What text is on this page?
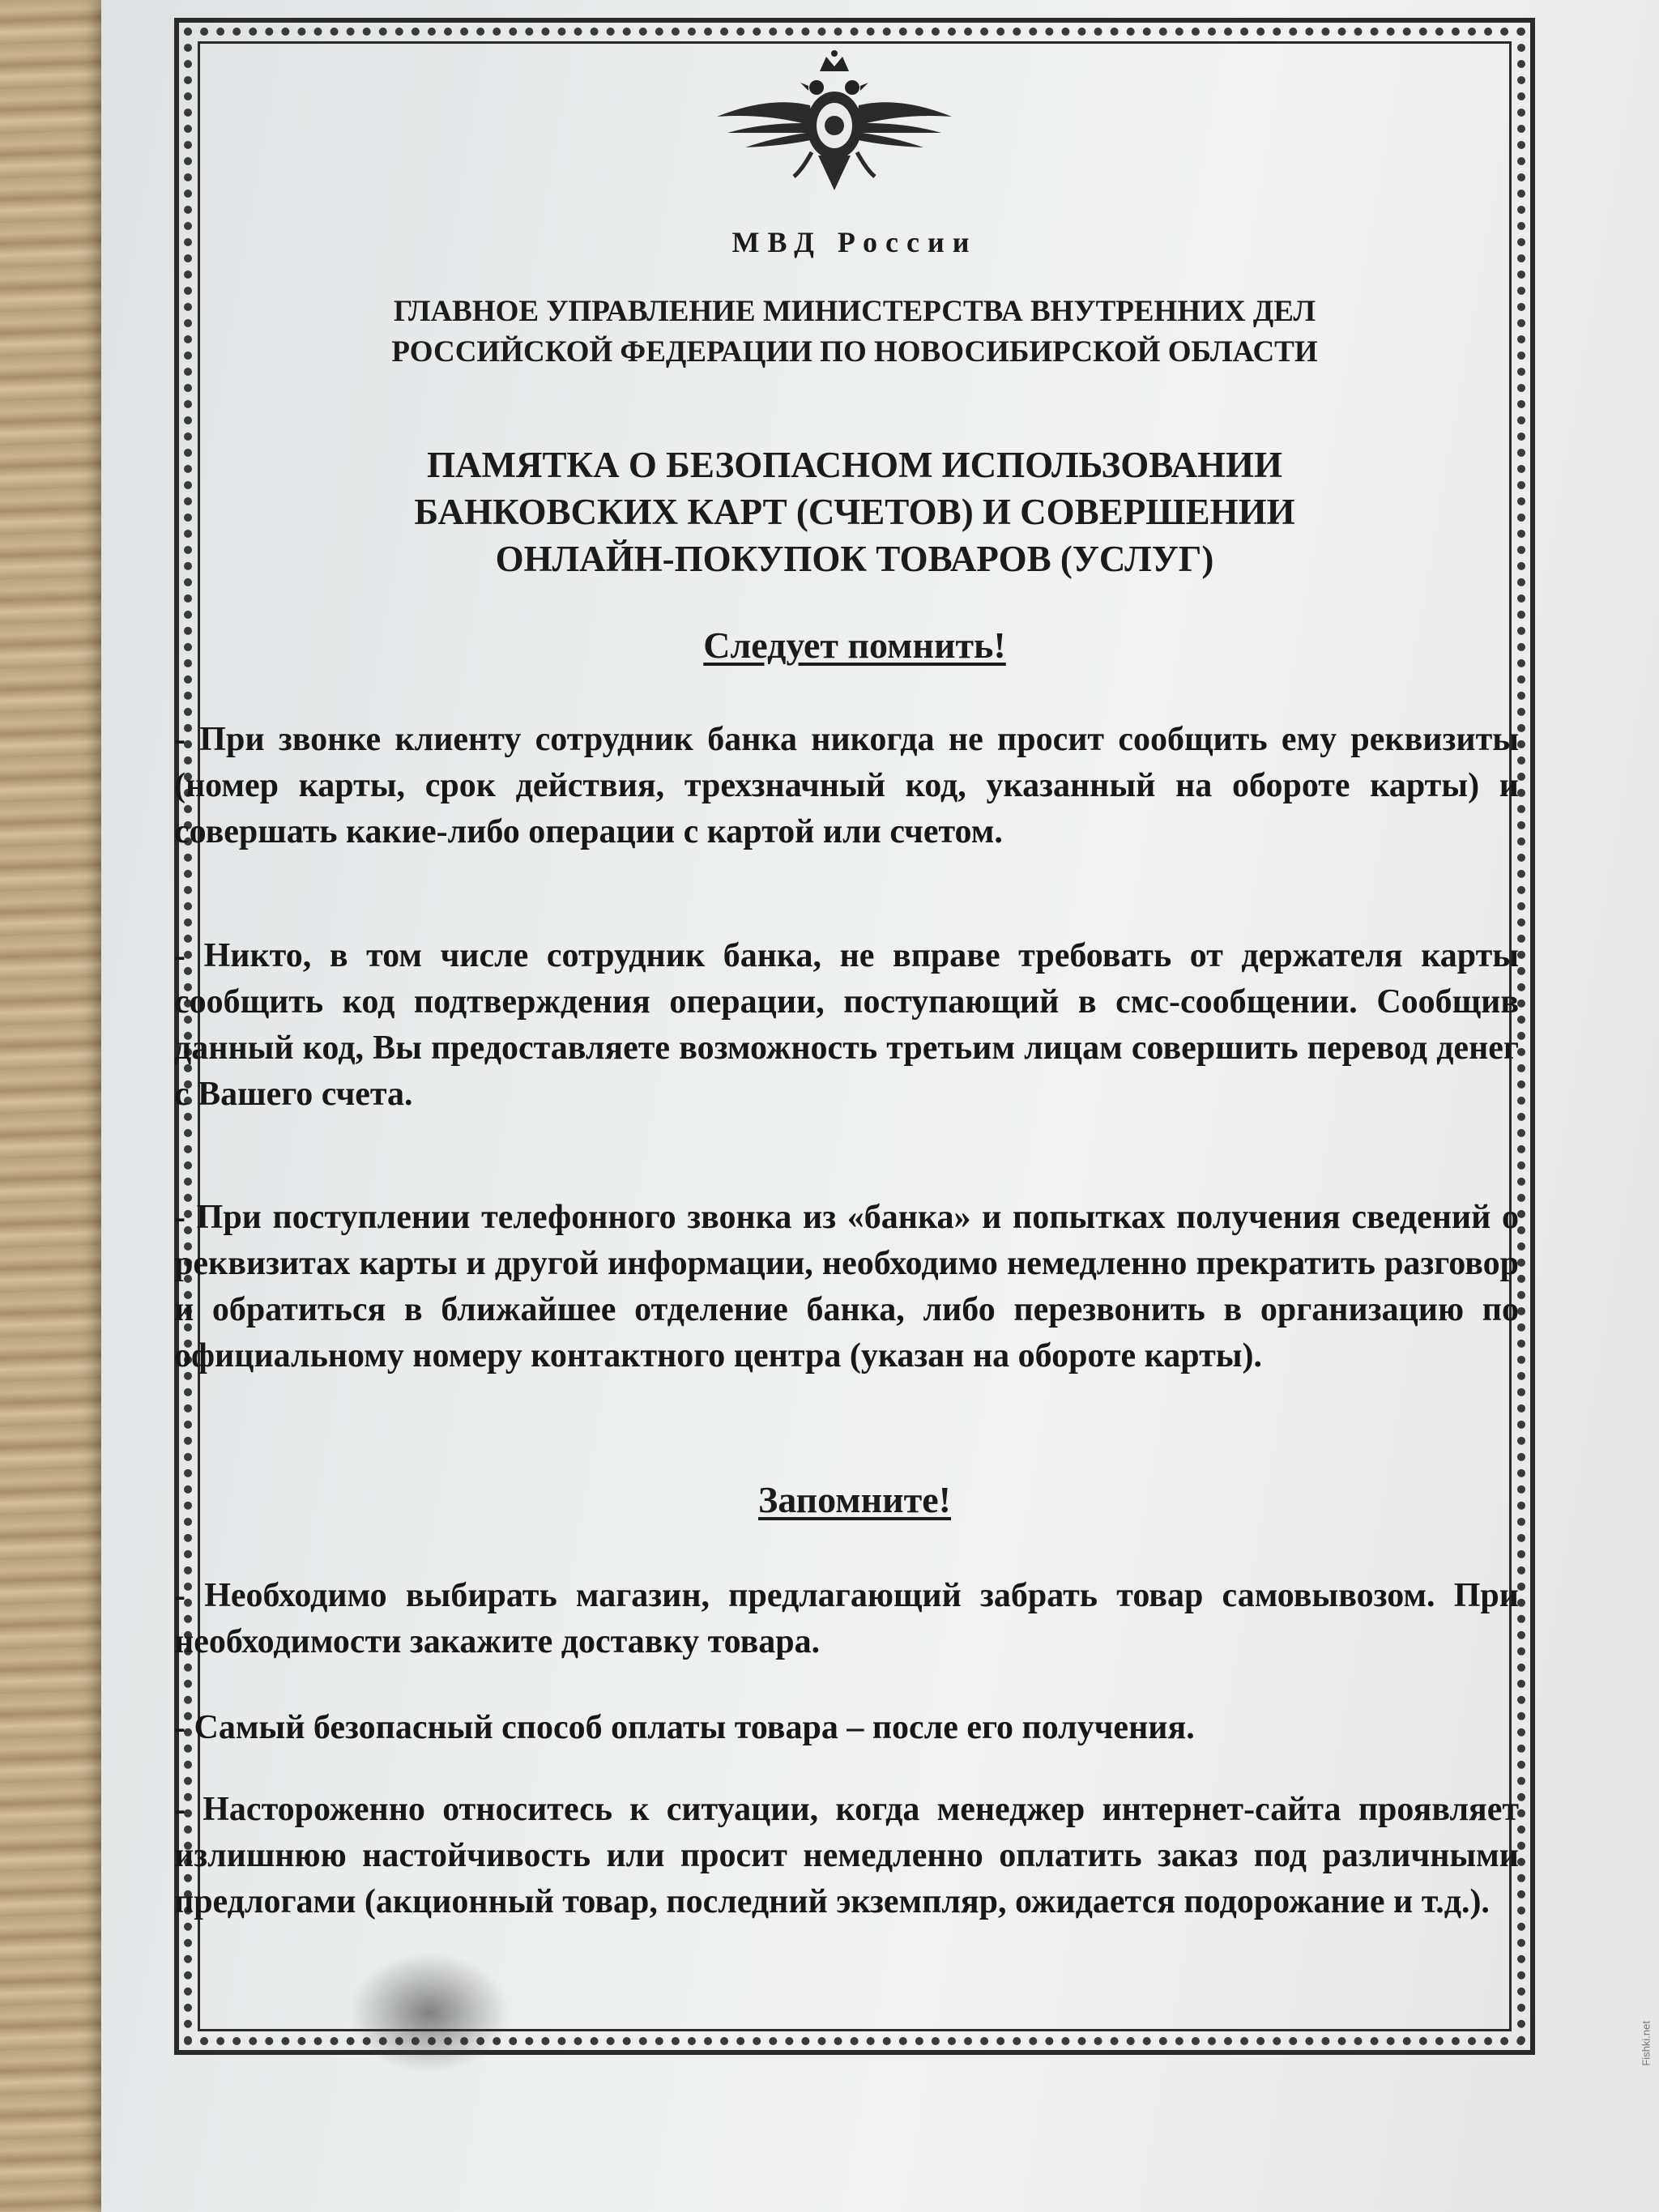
МВД России
ГЛАВНОЕ УПРАВЛЕНИЕ МИНИСТЕРСТВА ВНУТРЕННИХ ДЕЛ
РОССИЙСКОЙ ФЕДЕРАЦИИ ПО НОВОСИБИРСКОЙ ОБЛАСТИ
ПАМЯТКА О БЕЗОПАСНОМ ИСПОЛЬЗОВАНИИ
БАНКОВСКИХ КАРТ (СЧЕТОВ) И СОВЕРШЕНИИ
ОНЛАЙН-ПОКУПОК ТОВАРОВ (УСЛУГ)
Следует помнить!
- При звонке клиенту сотрудник банка никогда не просит сообщить ему реквизиты (номер карты, срок действия, трехзначный код, указанный на обороте карты) и совершать какие-либо операции с картой или счетом.
- Никто, в том числе сотрудник банка, не вправе требовать от держателя карты сообщить код подтверждения операции, поступающий в смс-сообщении. Сообщив данный код, Вы предоставляете возможность третьим лицам совершить перевод денег с Вашего счета.
- При поступлении телефонного звонка из «банка» и попытках получения сведений о реквизитах карты и другой информации, необходимо немедленно прекратить разговор и обратиться в ближайшее отделение банка, либо перезвонить в организацию по официальному номеру контактного центра (указан на обороте карты).
Запомните!
- Необходимо выбирать магазин, предлагающий забрать товар самовывозом. При необходимости закажите доставку товара.
- Самый безопасный способ оплаты товара – после его получения.
- Настороженно относитесь к ситуации, когда менеджер интернет-сайта проявляет излишнюю настойчивость или просит немедленно оплатить заказ под различными предлогами (акционный товар, последний экземпляр, ожидается подорожание и т.д.).
Fishki.net
